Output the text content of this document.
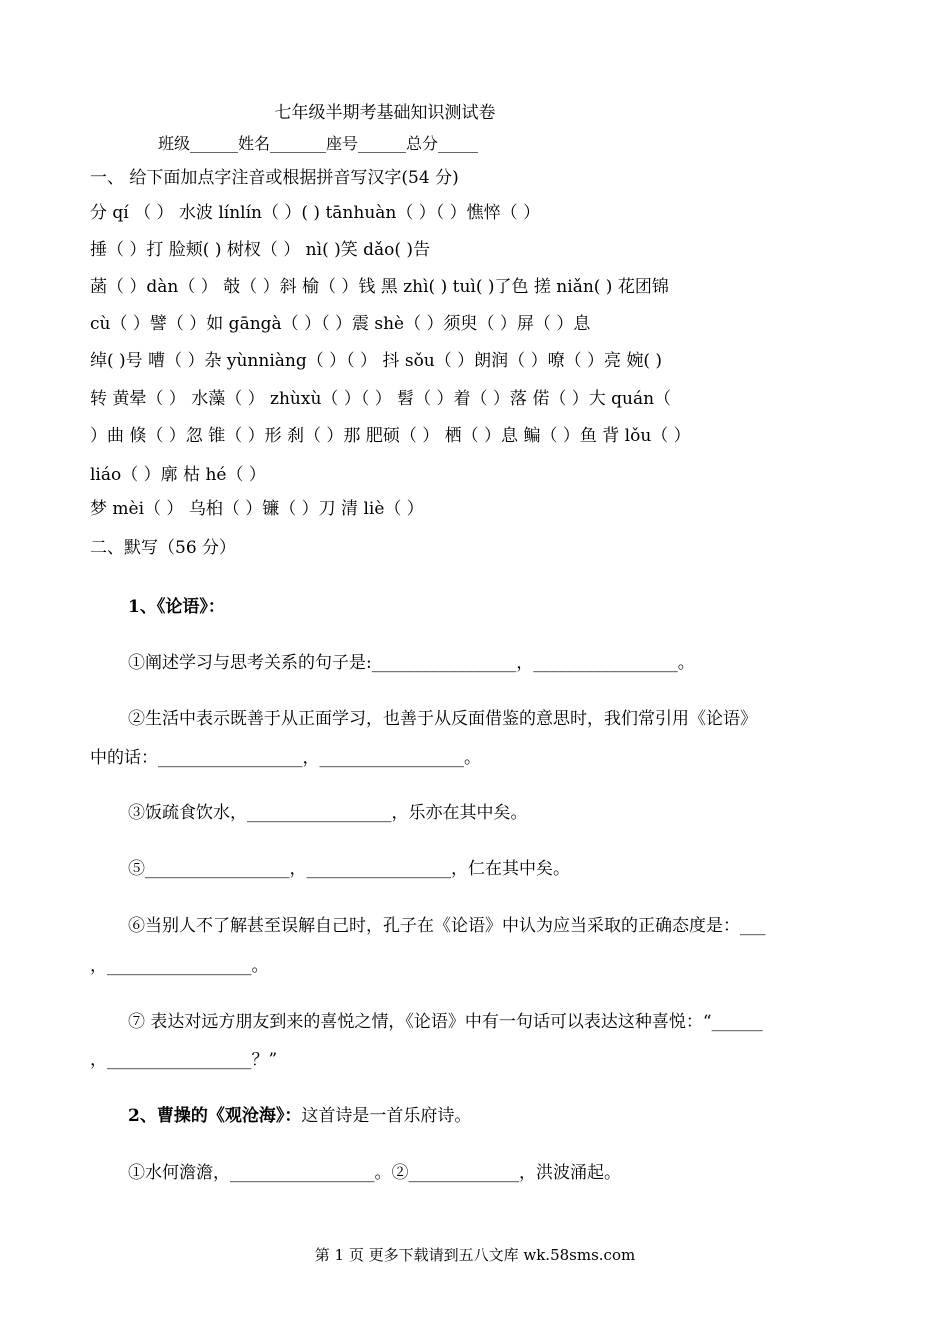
七年级半期考基础知识测试卷
班级______姓名_______座号______总分_____
一、 给下面加点字注音或根据拼音写汉字(54 分)
分 qí （ ） 水波 línlín（ ）( ) tānhuàn（ ）（ ）憔悴（ ）
捶（ ）打 脸颊( ) 树杈（ ） nì( )笑 dǎo( )告
菡（ ）dàn（ ） 攲（ ）斜 榆（ ）钱 黑 zhì( ) tuì( )了色 搓 niǎn( ) 花团锦
cù（ ）譬（ ）如 gāngà（ ）（ ）震 shè（ ）须臾（ ）屏（ ）息
绰( )号 嘈（ ）杂 yùnniàng（ ）（ ） 抖 sǒu（ ）朗润（ ）嘹（ ）亮 婉( )
转 黄晕（ ） 水藻（ ） zhùxù（ ）（ ） 髫（ ）着（ ）落 偌（ ）大 quán（
）曲 倏（ ）忽 锥（ ）形 刹（ ）那 肥硕（ ） 栖（ ）息 鳊（ ）鱼 背 lǒu（ ）
liáo（ ）廓 枯 hé（ ）
梦 mèi（ ） 乌桕（ ）镰（ ）刀 清 liè（ ）
二、默写（56 分）
1、《论语》：
①阐述学习与思考关系的句子是:_________________，_________________。
②生活中表示既善于从正面学习，也善于从反面借鉴的意思时，我们常引用《论语》
中的话：_________________，_________________。
③饭疏食饮水，_________________，乐亦在其中矣。
⑤_________________，_________________，仁在其中矣。
⑥当别人不了解甚至误解自己时，孔子在《论语》中认为应当采取的正确态度是：___
，_________________。
⑦ 表达对远方朋友到来的喜悦之情，《论语》中有一句话可以表达这种喜悦：“______
，_________________？”
2、曹操的《观沧海》：这首诗是一首乐府诗。
①水何澹澹，_________________。②_____________，洪波涌起。
第 1 页 更多下载请到五八文库 wk.58sms.com
